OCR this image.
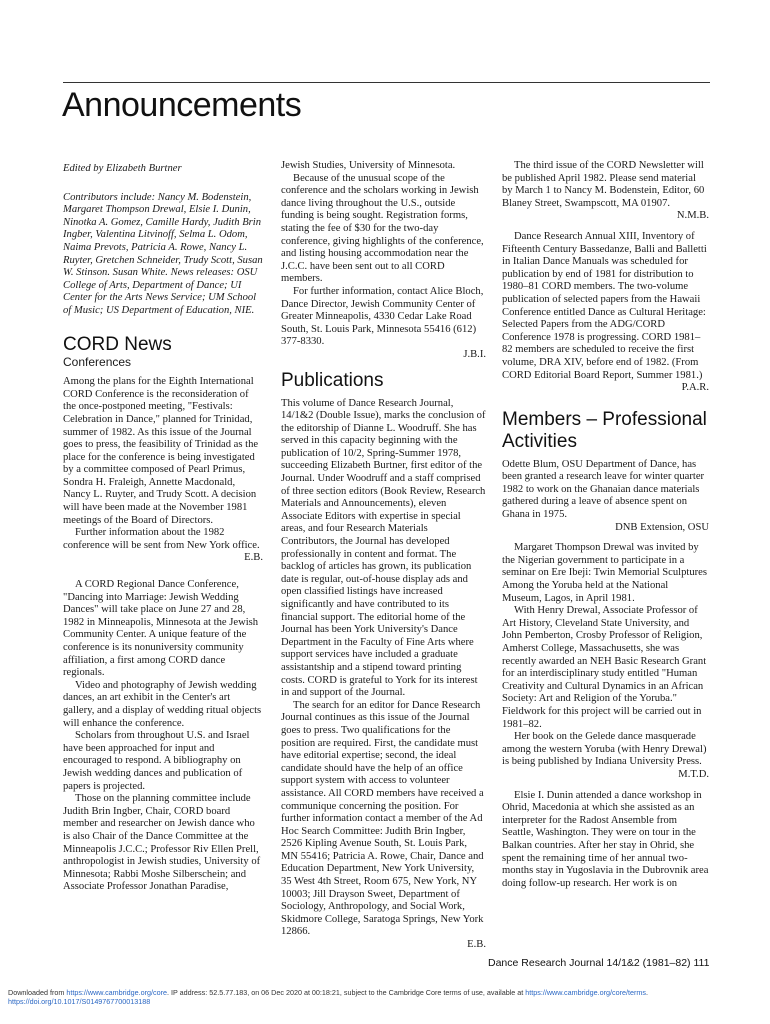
Announcements

Edited by Elizabeth Burtner

Contributors include: Nancy M. Bodenstein, Margaret Thompson Drewal, Elsie I. Dunin, Ninotka A. Gomez, Camille Hardy, Judith Brin Ingber, Valentina Litvinoff, Selma L. Odom, Naima Prevots, Patricia A. Rowe, Nancy L. Ruyter, Gretchen Schneider, Trudy Scott, Susan W. Stinson. Susan White. News releases: OSU College of Arts, Department of Dance; UI Center for the Arts News Service; UM School of Music; US Department of Education, NIE.

CORD News

Conferences

Among the plans for the Eighth International CORD Conference is the reconsideration of the once-postponed meeting, "Festivals: Celebration in Dance," planned for Trinidad, summer of 1982. As this issue of the Journal goes to press, the feasibility of Trinidad as the place for the conference is being investigated by a committee composed of Pearl Primus, Sondra H. Fraleigh, Annette Macdonald, Nancy L. Ruyter, and Trudy Scott. A decision will have been made at the November 1981 meetings of the Board of Directors.

Further information about the 1982 conference will be sent from New York office.

E.B.

A CORD Regional Dance Conference, "Dancing into Marriage: Jewish Wedding Dances" will take place on June 27 and 28, 1982 in Minneapolis, Minnesota at the Jewish Community Center. A unique feature of the conference is its nonuniversity community affiliation, a first among CORD dance regionals.

Video and photography of Jewish wedding dances, an art exhibit in the Center's art gallery, and a display of wedding ritual objects will enhance the conference.

Scholars from throughout U.S. and Israel have been approached for input and encouraged to respond. A bibliography on Jewish wedding dances and publication of papers is projected.

Those on the planning committee include Judith Brin Ingber, Chair, CORD board member and researcher on Jewish dance who is also Chair of the Dance Committee at the Minneapolis J.C.C.; Professor Riv Ellen Prell, anthropologist in Jewish studies, University of Minnesota; Rabbi Moshe Silberschein; and Associate Professor Jonathan Paradise,

Jewish Studies, University of Minnesota.

Because of the unusual scope of the conference and the scholars working in Jewish dance living throughout the U.S., outside funding is being sought. Registration forms, stating the fee of $30 for the two-day conference, giving highlights of the conference, and listing housing accommodation near the J.C.C. have been sent out to all CORD members.

For further information, contact Alice Bloch, Dance Director, Jewish Community Center of Greater Minneapolis, 4330 Cedar Lake Road South, St. Louis Park, Minnesota 55416 (612) 377-8330.

J.B.I.

Publications

This volume of Dance Research Journal, 14/1&2 (Double Issue), marks the conclusion of the editorship of Dianne L. Woodruff. She has served in this capacity beginning with the publication of 10/2, Spring-Summer 1978, succeeding Elizabeth Burtner, first editor of the Journal. Under Woodruff and a staff comprised of three section editors (Book Review, Research Materials and Announcements), eleven Associate Editors with expertise in special areas, and four Research Materials Contributors, the Journal has developed professionally in content and format. The backlog of articles has grown, its publication date is regular, out-of-house display ads and open classified listings have increased significantly and have contributed to its financial support. The editorial home of the Journal has been York University's Dance Department in the Faculty of Fine Arts where support services have included a graduate assistantship and a stipend toward printing costs. CORD is grateful to York for its interest in and support of the Journal.

The search for an editor for Dance Research Journal continues as this issue of the Journal goes to press. Two qualifications for the position are required. First, the candidate must have editorial expertise; second, the ideal candidate should have the help of an office support system with access to volunteer assistance. All CORD members have received a communique concerning the position. For further information contact a member of the Ad Hoc Search Committee: Judith Brin Ingber, 2526 Kipling Avenue South, St. Louis Park, MN 55416; Patricia A. Rowe, Chair, Dance and Education Department, New York University, 35 West 4th Street, Room 675, New York, NY 10003; Jill Drayson Sweet, Department of Sociology, Anthropology, and Social Work, Skidmore College, Saratoga Springs, New York 12866.

E.B.

The third issue of the CORD Newsletter will be published April 1982. Please send material by March 1 to Nancy M. Bodenstein, Editor, 60 Blaney Street, Swampscott, MA 01907.

N.M.B.

Dance Research Annual XIII, Inventory of Fifteenth Century Bassedanze, Balli and Balletti in Italian Dance Manuals was scheduled for publication by end of 1981 for distribution to 1980–81 CORD members. The two-volume publication of selected papers from the Hawaii Conference entitled Dance as Cultural Heritage: Selected Papers from the ADG/CORD Conference 1978 is progressing. CORD 1981–82 members are scheduled to receive the first volume, DRA XIV, before end of 1982. (From CORD Editorial Board Report, Summer 1981.)

P.A.R.

Members – Professional Activities

Odette Blum, OSU Department of Dance, has been granted a research leave for winter quarter 1982 to work on the Ghanaian dance materials gathered during a leave of absence spent on Ghana in 1975.

DNB Extension, OSU

Margaret Thompson Drewal was invited by the Nigerian government to participate in a seminar on Ere Ibeji: Twin Memorial Sculptures Among the Yoruba held at the National Museum, Lagos, in April 1981.

With Henry Drewal, Associate Professor of Art History, Cleveland State University, and John Pemberton, Crosby Professor of Religion, Amherst College, Massachusetts, she was recently awarded an NEH Basic Research Grant for an interdisciplinary study entitled "Human Creativity and Cultural Dynamics in an African Society: Art and Religion of the Yoruba." Fieldwork for this project will be carried out in 1981–82.

Her book on the Gelede dance masquerade among the western Yoruba (with Henry Drewal) is being published by Indiana University Press.

M.T.D.

Elsie I. Dunin attended a dance workshop in Ohrid, Macedonia at which she assisted as an interpreter for the Radost Ansemble from Seattle, Washington. They were on tour in the Balkan countries. After her stay in Ohrid, she spent the remaining time of her annual two-months stay in Yugoslavia in the Dubrovnik area doing follow-up research. Her work is on

Dance Research Journal 14/1&2 (1981–82) 111
Downloaded from https://www.cambridge.org/core. IP address: 52.5.77.183, on 06 Dec 2020 at 00:18:21, subject to the Cambridge Core terms of use, available at https://www.cambridge.org/core/terms.
https://doi.org/10.1017/S0149767700013188
